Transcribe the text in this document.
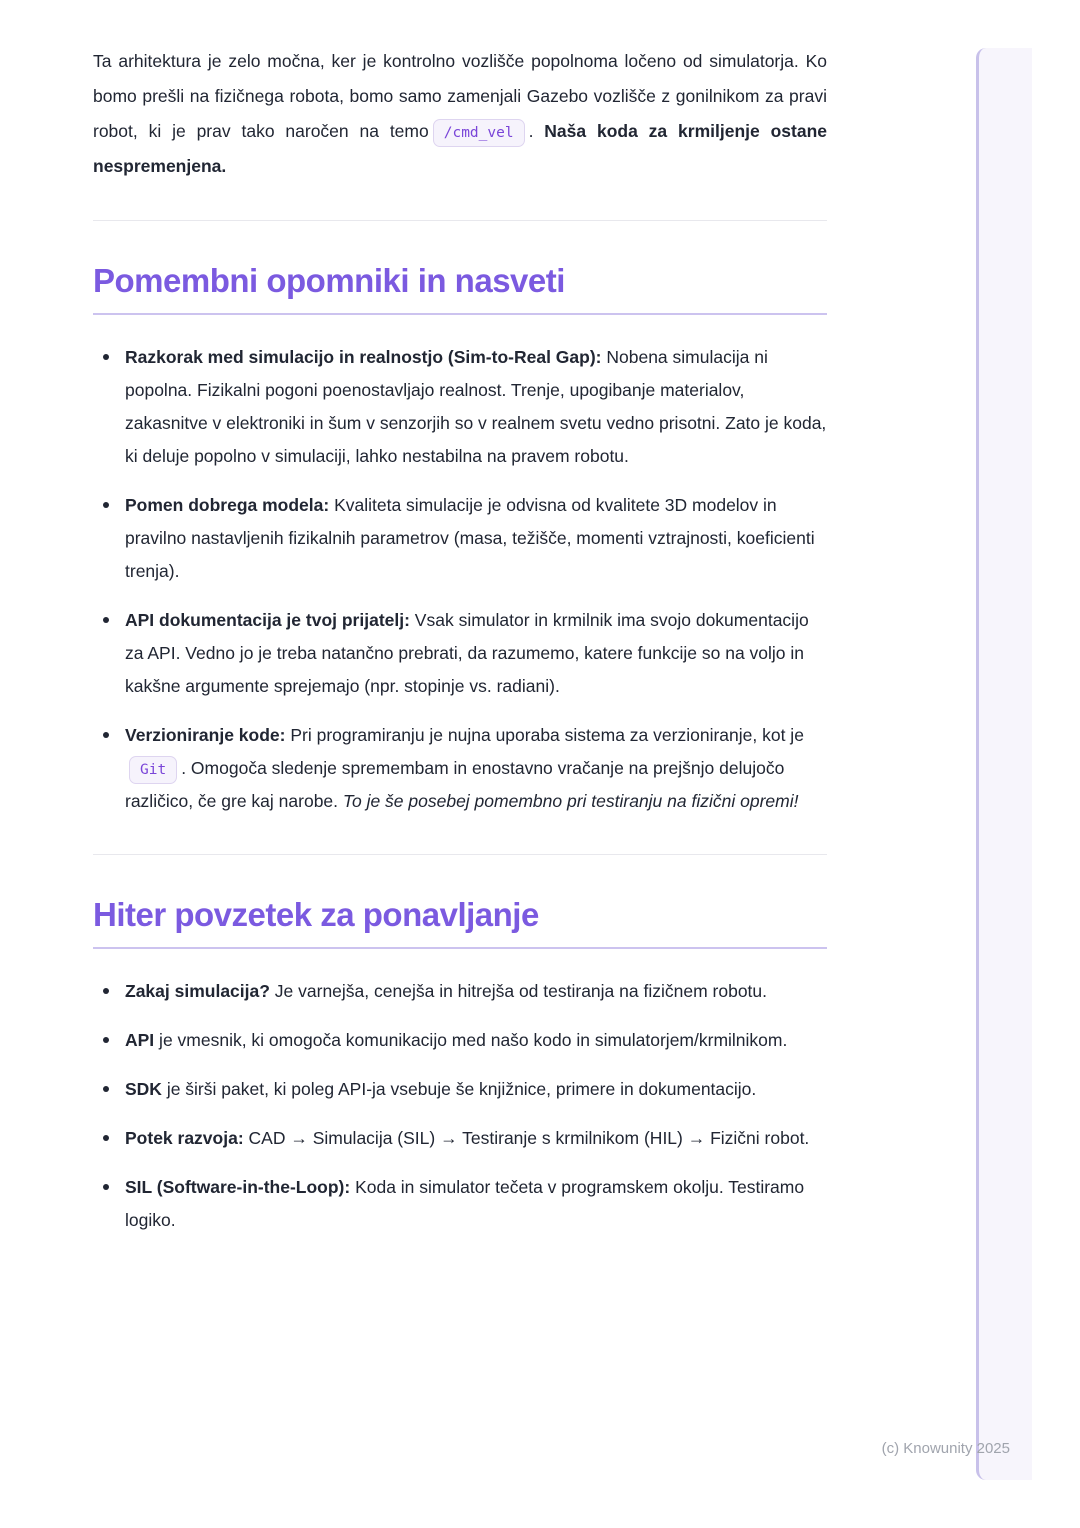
Ta arhitektura je zelo močna, ker je kontrolno vozlišče popolnoma ločeno od simulatorja. Ko bomo prešli na fizičnega robota, bomo samo zamenjali Gazebo vozlišče z gonilnikom za pravi robot, ki je prav tako naročen na temo /cmd_vel . Naša koda za krmiljenje ostane nespremenjena.

Pomembni opomniki in nasveti
Razkorak med simulacijo in realnostjo (Sim-to-Real Gap): Nobena simulacija ni popolna. Fizikalni pogoni poenostavljajo realnost. Trenje, upogibanje materialov, zakasnitve v elektroniki in šum v senzorjih so v realnem svetu vedno prisotni. Zato je koda, ki deluje popolno v simulaciji, lahko nestabilna na pravem robotu.
Pomen dobrega modela: Kvaliteta simulacije je odvisna od kvalitete 3D modelov in pravilno nastavljenih fizikalnih parametrov (masa, težišče, momenti vztrajnosti, koeficienti trenja).
API dokumentacija je tvoj prijatelj: Vsak simulator in krmilnik ima svojo dokumentacijo za API. Vedno jo je treba natančno prebrati, da razumemo, katere funkcije so na voljo in kakšne argumente sprejemajo (npr. stopinje vs. radiani).
Verzioniranje kode: Pri programiranju je nujna uporaba sistema za verzioniranje, kot je Git . Omogoča sledenje spremembam in enostavno vračanje na prejšnjo delujočo različico, če gre kaj narobe. To je še posebej pomembno pri testiranju na fizični opremi!
Hiter povzetek za ponavljanje
Zakaj simulacija? Je varnejša, cenejša in hitrejša od testiranja na fizičnem robotu.
API je vmesnik, ki omogoča komunikacijo med našo kodo in simulatorjem/krmilnikom.
SDK je širši paket, ki poleg API-ja vsebuje še knjižnice, primere in dokumentacijo.
Potek razvoja: CAD → Simulacija (SIL) → Testiranje s krmilnikom (HIL) → Fizični robot.
SIL (Software-in-the-Loop): Koda in simulator tečeta v programskem okolju. Testiramo logiko.
(c) Knowunity 2025
